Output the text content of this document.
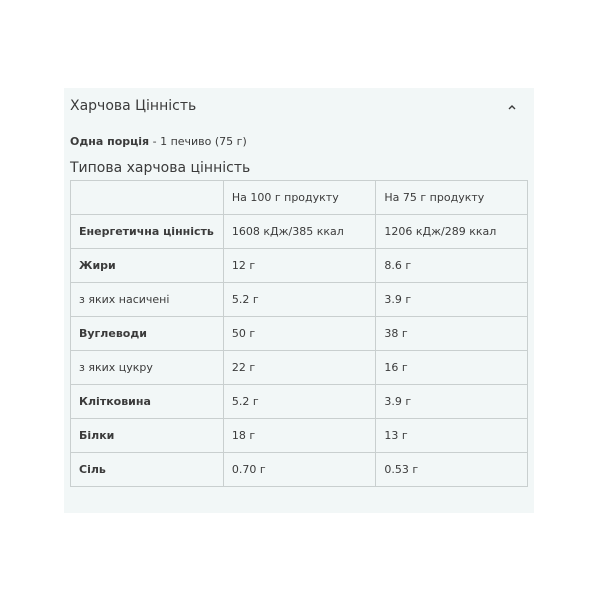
Харчова Цінність
Одна порція - 1 печиво (75 г)
Типова харчова цінність
	На 100 г продукту	На 75 г продукту
Енергетична цінність	1608 кДж/385 ккал	1206 кДж/289 ккал
Жири	12 г	8.6 г
з яких насичені	5.2 г	3.9 г
Вуглеводи	50 г	38 г
з яких цукру	22 г	16 г
Клітковина	5.2 г	3.9 г
Білки	18 г	13 г
Сіль	0.70 г	0.53 г
